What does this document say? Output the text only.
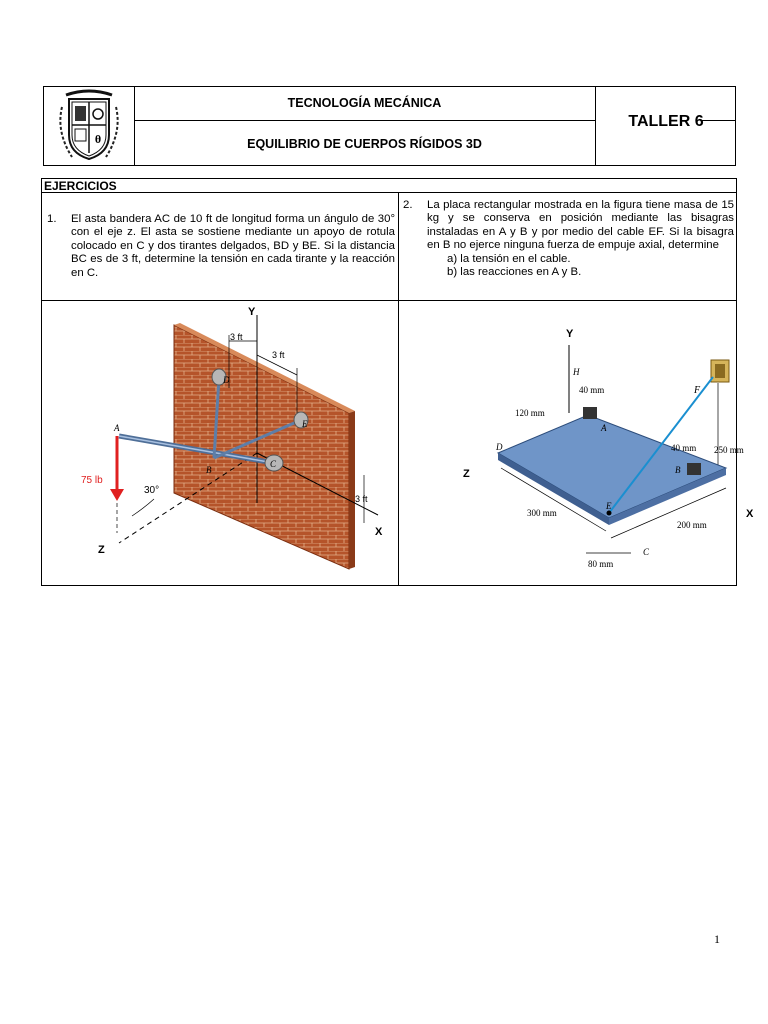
θ
TECNOLOGÍA MECÁNICA
EQUILIBRIO DE CUERPOS RÍGIDOS 3D
TALLER 6
EJERCICIOS
1. El asta bandera AC de 10 ft de longitud forma un ángulo de 30° con el eje z. El asta se sostiene mediante un apoyo de rotula colocado en C y dos tirantes delgados, BD y BE. Si la distancia BC es de 3 ft, determine la tensión en cada tirante y la reacción en C.
2. La placa rectangular mostrada en la figura tiene masa de 15 kg y se conserva en posición mediante las bisagras instaladas en A y B y por medio del cable EF. Si la bisagra en B no ejerce ninguna fuerza de empuje axial, determine
a) la tensión en el cable.
b) las reacciones en A y B.
Y
X
Z
3 ft
3 ft
3 ft
A
B
C
D
E
75 lb
30°
Y
X
Z
F
250 mm
A
B
C
D
E
H
40 mm
120 mm
40 mm
300 mm
200 mm
80 mm
1
